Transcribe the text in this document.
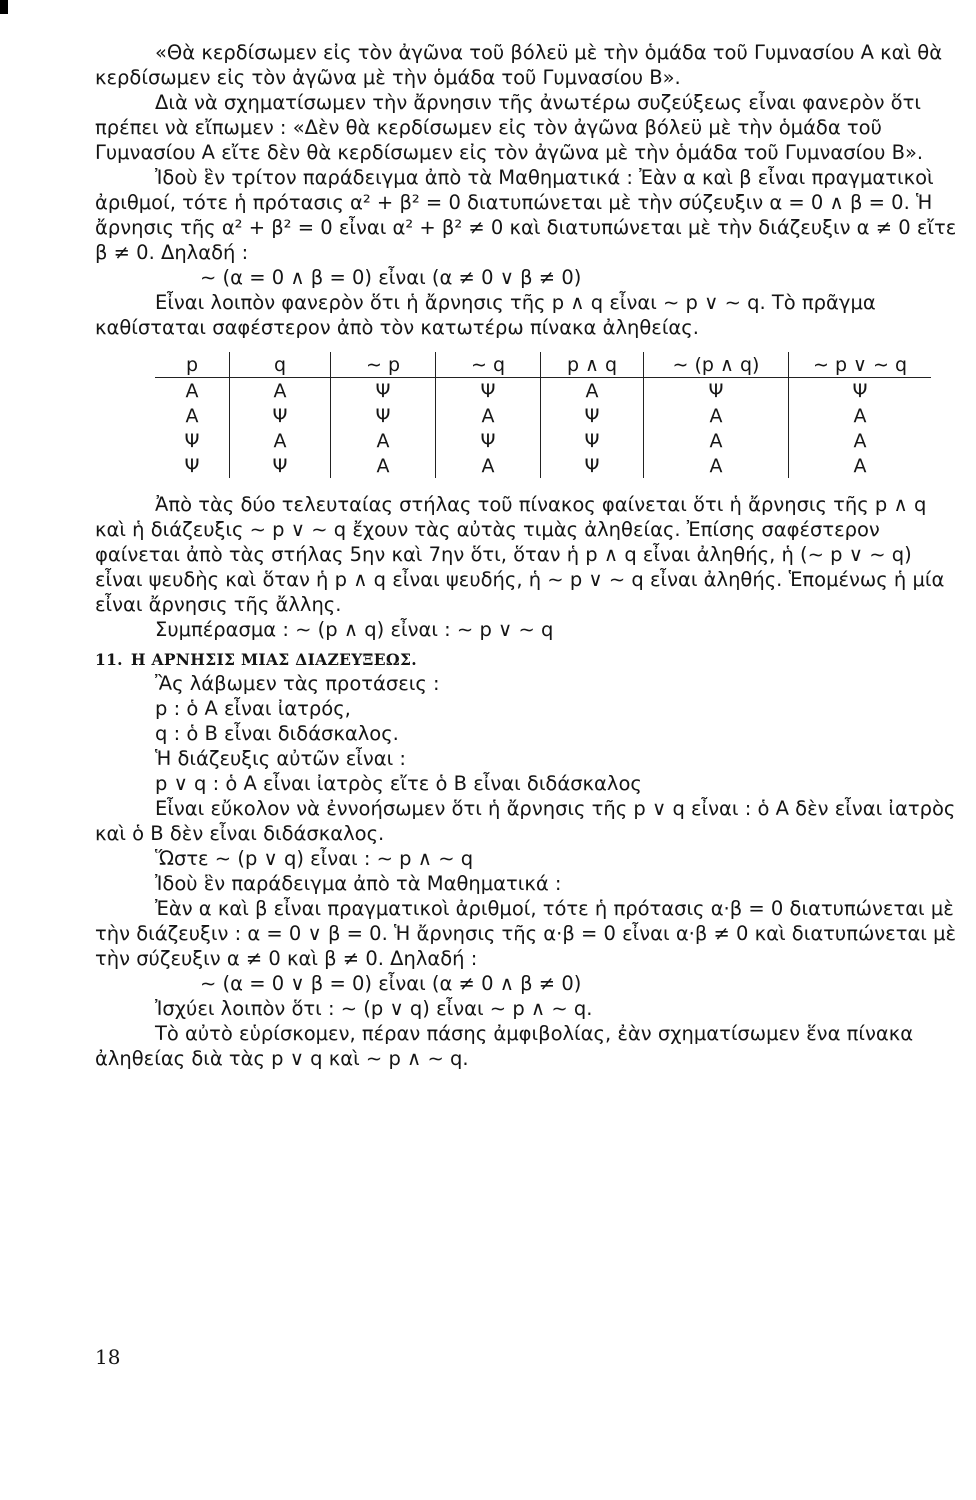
«Θὰ κερδίσωμεν εἰς τὸν ἀγῶνα τοῦ βόλεϋ μὲ τὴν ὁμάδα τοῦ Γυμνασίου Α καὶ θὰ κερδίσωμεν εἰς τὸν ἀγῶνα μὲ τὴν ὁμάδα τοῦ Γυμνασίου Β».

Διὰ νὰ σχηματίσωμεν τὴν ἄρνησιν τῆς ἀνωτέρω συζεύξεως εἶναι φανερὸν ὅτι πρέπει νὰ εἴπωμεν : «Δὲν θὰ κερδίσωμεν εἰς τὸν ἀγῶνα βόλεϋ μὲ τὴν ὁμάδα τοῦ Γυμνασίου Α εἴτε δὲν θὰ κερδίσωμεν εἰς τὸν ἀγῶνα μὲ τὴν ὁμάδα τοῦ Γυμνασίου Β».

Ἰδοὺ ἓν τρίτον παράδειγμα ἀπὸ τὰ Μαθηματικά : Ἐὰν α καὶ β εἶναι πραγματικοὶ ἀριθμοί, τότε ἡ πρότασις α² + β² = 0 διατυπώνεται μὲ τὴν σύζευξιν α = 0 ∧ β = 0. Ἡ ἄρνησις τῆς α² + β² = 0 εἶναι α² + β² ≠ 0 καὶ διατυπώνεται μὲ τὴν διάζευξιν α ≠ 0 εἴτε β ≠ 0. Δηλαδή :

∼ (α = 0 ∧ β = 0) εἶναι (α ≠ 0 ∨ β ≠ 0)

Εἶναι λοιπὸν φανερὸν ὅτι ἡ ἄρνησις τῆς p ∧ q εἶναι ∼ p ∨ ∼ q. Τὸ πρᾶγμα καθίσταται σαφέστερον ἀπὸ τὸν κατωτέρω πίνακα ἀληθείας.

p	q	∼ p	∼ q	p ∧ q	∼ (p ∧ q)	∼ p ∨ ∼ q
Α	Α	Ψ	Ψ	Α	Ψ	Ψ
Α	Ψ	Ψ	Α	Ψ	Α	Α
Ψ	Α	Α	Ψ	Ψ	Α	Α
Ψ	Ψ	Α	Α	Ψ	Α	Α

Ἀπὸ τὰς δύο τελευταίας στήλας τοῦ πίνακος φαίνεται ὅτι ἡ ἄρνησις τῆς p ∧ q καὶ ἡ διάζευξις ∼ p ∨ ∼ q ἔχουν τὰς αὐτὰς τιμὰς ἀληθείας. Ἐπίσης σαφέστερον φαίνεται ἀπὸ τὰς στήλας 5ην καὶ 7ην ὅτι, ὅταν ἡ p ∧ q εἶναι ἀληθής, ἡ (∼ p ∨ ∼ q) εἶναι ψευδὴς καὶ ὅταν ἡ p ∧ q εἶναι ψευδής, ἡ ∼ p ∨ ∼ q εἶναι ἀληθής. Ἑπομένως ἡ μία εἶναι ἄρνησις τῆς ἄλλης.

Συμπέρασμα : ∼ (p ∧ q) εἶναι : ∼ p ∨ ∼ q

11. Η ΑΡΝΗΣΙΣ ΜΙΑΣ ΔΙΑΖΕΥΞΕΩΣ.

Ἂς λάβωμεν τὰς προτάσεις :

p : ὁ Α εἶναι ἰατρός,

q : ὁ Β εἶναι διδάσκαλος.

Ἡ διάζευξις αὐτῶν εἶναι :

p ∨ q : ὁ Α εἶναι ἰατρὸς εἴτε ὁ Β εἶναι διδάσκαλος

Εἶναι εὔκολον νὰ ἐννοήσωμεν ὅτι ἡ ἄρνησις τῆς p ∨ q εἶναι : ὁ Α δὲν εἶναι ἰατρὸς καὶ ὁ Β δὲν εἶναι διδάσκαλος.

Ὥστε ∼ (p ∨ q) εἶναι : ∼ p ∧ ∼ q

Ἰδοὺ ἓν παράδειγμα ἀπὸ τὰ Μαθηματικά :

Ἐὰν α καὶ β εἶναι πραγματικοὶ ἀριθμοί, τότε ἡ πρότασις α·β = 0 διατυπώνεται μὲ τὴν διάζευξιν : α = 0 ∨ β = 0. Ἡ ἄρνησις τῆς α·β = 0 εἶναι α·β ≠ 0 καὶ διατυπώνεται μὲ τὴν σύζευξιν α ≠ 0 καὶ β ≠ 0. Δηλαδή :

∼ (α = 0 ∨ β = 0) εἶναι (α ≠ 0 ∧ β ≠ 0)

Ἰσχύει λοιπὸν ὅτι : ∼ (p ∨ q) εἶναι ∼ p ∧ ∼ q.

Τὸ αὐτὸ εὑρίσκομεν, πέραν πάσης ἀμφιβολίας, ἐὰν σχηματίσωμεν ἕνα πίνακα ἀληθείας διὰ τὰς p ∨ q καὶ ∼ p ∧ ∼ q.

18
